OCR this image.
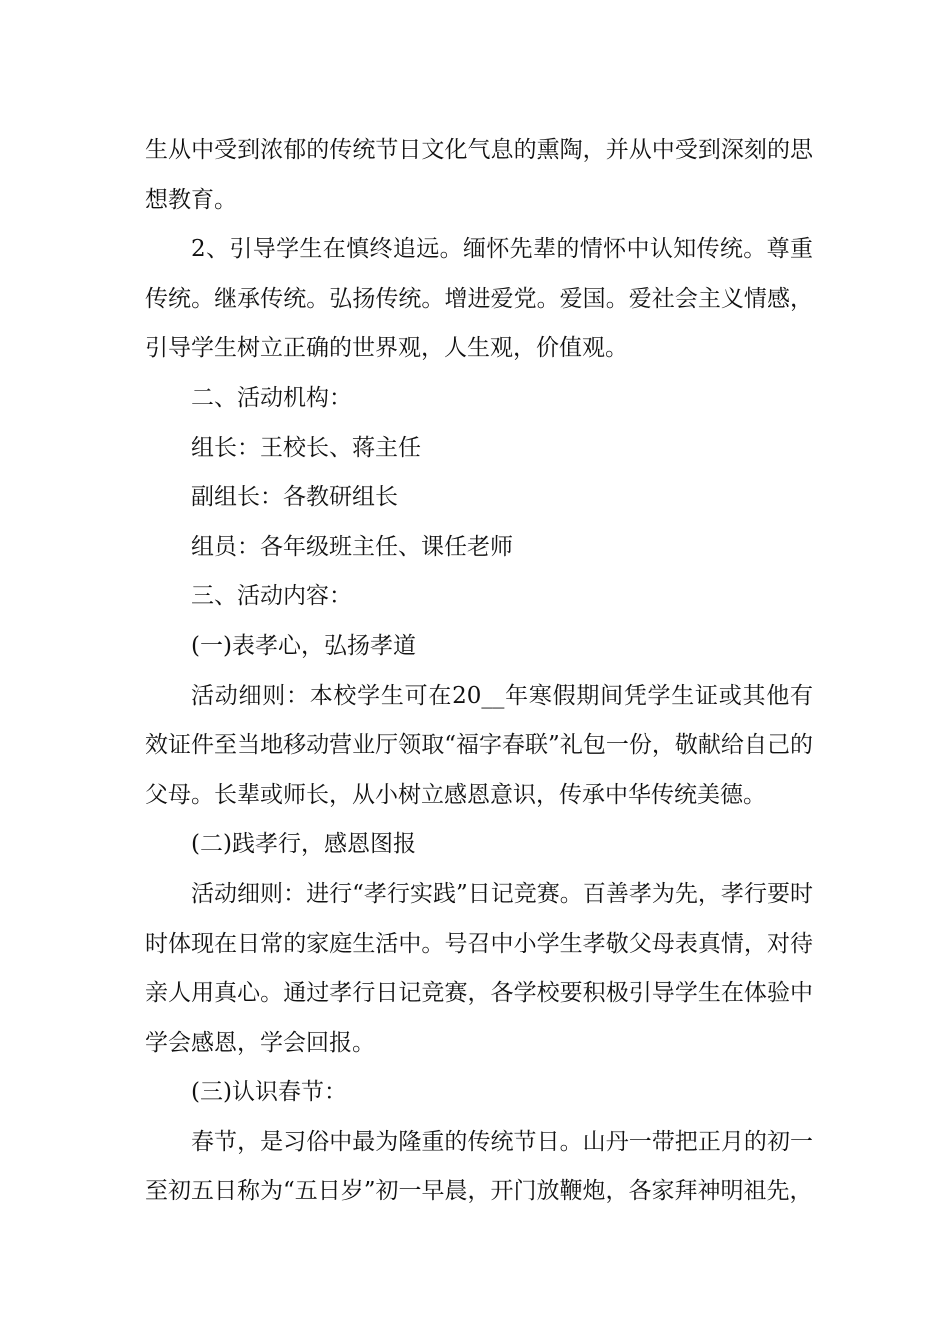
生从中受到浓郁的传统节日文化气息的熏陶，并从中受到深刻的思想教育。

2、引导学生在慎终追远。缅怀先辈的情怀中认知传统。尊重传统。继承传统。弘扬传统。增进爱党。爱国。爱社会主义情感，引导学生树立正确的世界观，人生观，价值观。

二、活动机构：

组长：王校长、蒋主任

副组长：各教研组长

组员：各年级班主任、课任老师

三、活动内容：

(一)表孝心，弘扬孝道

活动细则：本校学生可在20__年寒假期间凭学生证或其他有效证件至当地移动营业厅领取“福字春联”礼包一份，敬献给自己的父母。长辈或师长，从小树立感恩意识，传承中华传统美德。

(二)践孝行，感恩图报

活动细则：进行“孝行实践”日记竞赛。百善孝为先，孝行要时时体现在日常的家庭生活中。号召中小学生孝敬父母表真情，对待亲人用真心。通过孝行日记竞赛，各学校要积极引导学生在体验中学会感恩，学会回报。

(三)认识春节：

春节，是习俗中最为隆重的传统节日。山丹一带把正月的初一至初五日称为“五日岁”初一早晨，开门放鞭炮，各家拜神明祖先，
